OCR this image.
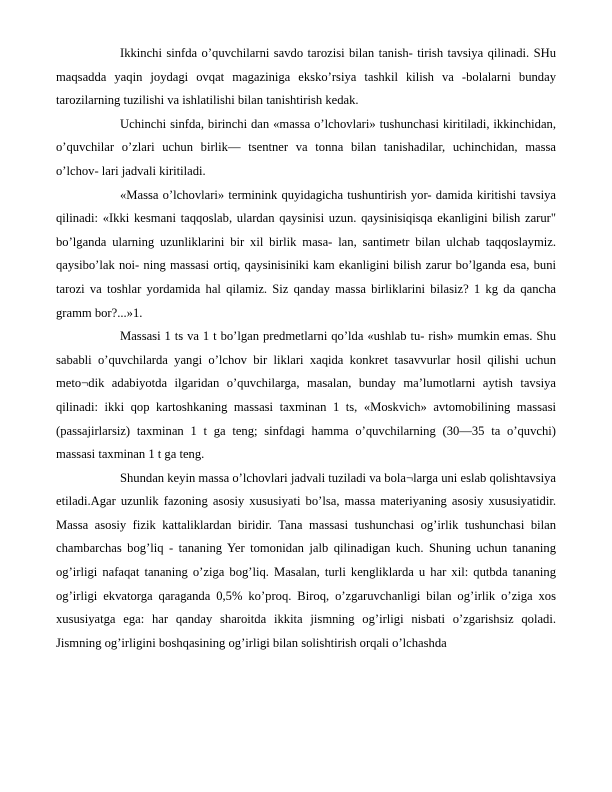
Ikkinchi sinfda o’quvchilarni savdo tarozisi bilan tanish- tirish tavsiya qilinadi. SHu maqsadda yaqin joydagi ovqat magaziniga eksko’rsiya tashkil kilish va -bolalarni bunday tarozilarning tuzilishi va ishlatilishi bilan tanishtirish kedak.

Uchinchi sinfda, birinchi dan «massa o’lchovlari» tushunchasi kiritiladi, ikkinchidan, o’quvchilar o’zlari uchun birlik— tsentner va tonna bilan tanishadilar, uchinchidan, massa o’lchov- lari jadvali kiritiladi.

«Massa o’lchovlari» terminink quyidagicha tushuntirish yor- damida kiritishi tavsiya qilinadi: «Ikki kesmani taqqoslab, ulardan qaysinisi uzun. qaysinisiqisqa ekanligini bilish zarur" bo’lganda ularning uzunliklarini bir xil birlik masa- lan, santimetr bilan ulchab taqqoslaymiz. qaysibo’lak noi- ning massasi ortiq, qaysinisiniki kam ekanligini bilish zarur bo’lganda esa, buni tarozi va toshlar yordamida hal qilamiz. Siz qanday massa birliklarini bilasiz? 1 kg da qancha gramm bor?...»1.

Massasi 1 ts va 1 t bo’lgan predmetlarni qo’lda «ushlab tu- rish» mumkin emas. Shu sababli o’quvchilarda yangi o’lchov bir liklari xaqida konkret tasavvurlar hosil qilishi uchun meto¬dik adabiyotda ilgaridan o’quvchilarga, masalan, bunday ma’lumotlarni aytish tavsiya qilinadi: ikki qop kartoshkaning massasi taxminan 1 ts, «Moskvich» avtomobilining massasi (passajirlarsiz) taxminan 1 t ga teng; sinfdagi hamma o’quvchilarning (30—35 ta o’quvchi) massasi taxminan 1 t ga teng.

Shundan keyin massa o’lchovlari jadvali tuziladi va bola¬larga uni eslab qolishtavsiya etiladi.Agar uzunlik fazoning asosiy xususiyati bo’lsa, massa materiyaning asosiy xususiyatidir. Massa asosiy fizik kattaliklardan biridir. Tana massasi tushunchasi og’irlik tushunchasi bilan chambarchas bog’liq - tananing Yer tomonidan jalb qilinadigan kuch. Shuning uchun tananing og’irligi nafaqat tananing o’ziga bog’liq. Masalan, turli kengliklarda u har xil: qutbda tananing og’irligi ekvatorga qaraganda 0,5% ko’proq. Biroq, o’zgaruvchanligi bilan og’irlik o’ziga xos xususiyatga ega: har qanday sharoitda ikkita jismning og’irligi nisbati o’zgarishsiz qoladi. Jismning og’irligini boshqasining og’irligi bilan solishtirish orqali o’lchashda
